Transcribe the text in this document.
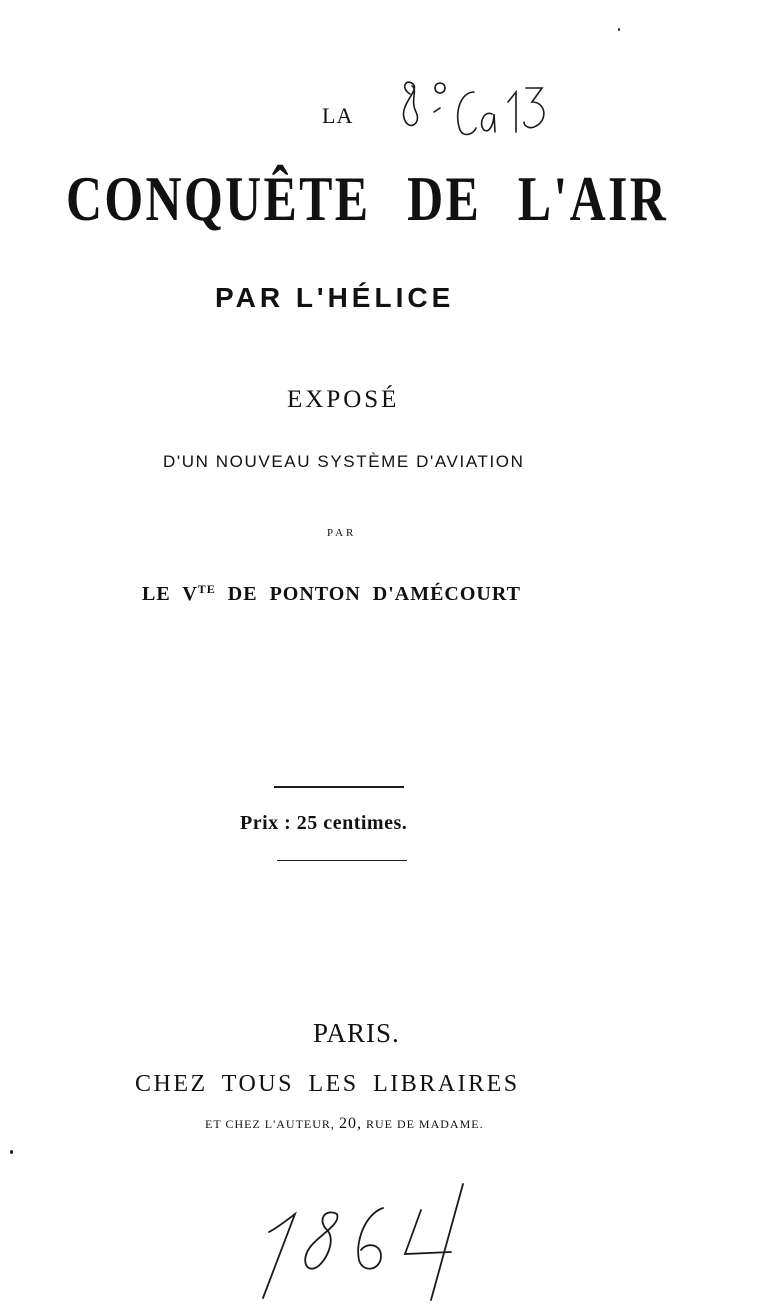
LA

CONQUÊTE DE L'AIR

PAR L'HÉLICE

EXPOSÉ

D'UN NOUVEAU SYSTÈME D'AVIATION

PAR

LE $V^{TE}$ DE PONTON D'AMÉCOURT

Prix : 25 centimes.

PARIS.

CHEZ TOUS LES LIBRAIRES

ET CHEZ L'AUTEUR, 20, RUE DE MADAME.
